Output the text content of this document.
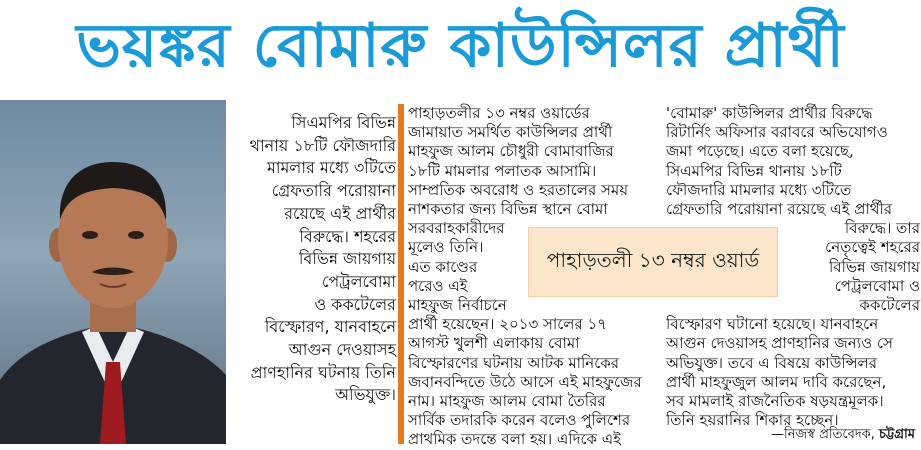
ভয়ঙ্কর বোমারু কাউন্সিলর প্রার্থী
সিএমপির বিভিন্ন
থানায় ১৮টি ফৌজদারি
মামলার মধ্যে ৩টিতে
গ্রেফতারি পরোয়ানা
রয়েছে এই প্রার্থীর
বিরুদ্ধে। শহরের
বিভিন্ন জায়গায়
পেট্রলবোমা
ও ককটেলের
বিস্ফোরণ, যানবাহনে
আগুন দেওয়াসহ
প্রাণহানির ঘটনায় তিনি
অভিযুক্ত।
পাহাড়তলীর ১৩ নম্বর ওয়ার্ডের
জামায়াত সমর্থিত কাউন্সিলর প্রার্থী
মাহফুজ আলম চৌধুরী বোমাবাজির
১৮টি মামলার পলাতক আসামি।
সাম্প্রতিক অবরোধ ও হরতালের সময়
নাশকতার জন্য বিভিন্ন স্থানে বোমা
সরবরাহকারীদের
মূলেও তিনি।
এত কাণ্ডের
পরেও এই
মাহফুজ নির্বাচনে
প্রার্থী হয়েছেন। ২০১৩ সালের ১৭
আগস্ট খুলশী এলাকায় বোমা
বিস্ফোরণের ঘটনায় আটক মানিকের
জবানবন্দিতে উঠে আসে এই মাহফুজের
নাম। মাহফুজ আলম বোমা তৈরির
সার্বিক তদারকি করেন বলেও পুলিশের
প্রাথমিক তদন্তে বলা হয়। এদিকে এই
'বোমারু' কাউন্সিলর প্রার্থীর বিরুদ্ধে
রিটার্নিং অফিসার বরাবরে অভিযোগও
জমা পড়েছে। এতে বলা হয়েছে,
সিএমপির বিভিন্ন থানায় ১৮টি
ফৌজদারি মামলার মধ্যে ৩টিতে
গ্রেফতারি পরোয়ানা রয়েছে এই প্রার্থীর
বিরুদ্ধে। তার
নেতৃত্বেই শহরের
বিভিন্ন জায়গায়
পেট্রলবোমা ও
ককটেলের
বিস্ফোরণ ঘটানো হয়েছে। যানবাহনে
আগুন দেওয়াসহ প্রাণহানির জন্যও সে
অভিযুক্ত। তবে এ বিষয়ে কাউন্সিলর
প্রার্থী মাহফুজুল আলম দাবি করেছেন,
সব মামলাই রাজনৈতিক ষড়যন্ত্রমূলক।
তিনি হয়রানির শিকার হচ্ছেন।
পাহাড়তলী ১৩ নম্বর ওয়ার্ড
—নিজস্ব প্রতিবেদক, চট্টগ্রাম
